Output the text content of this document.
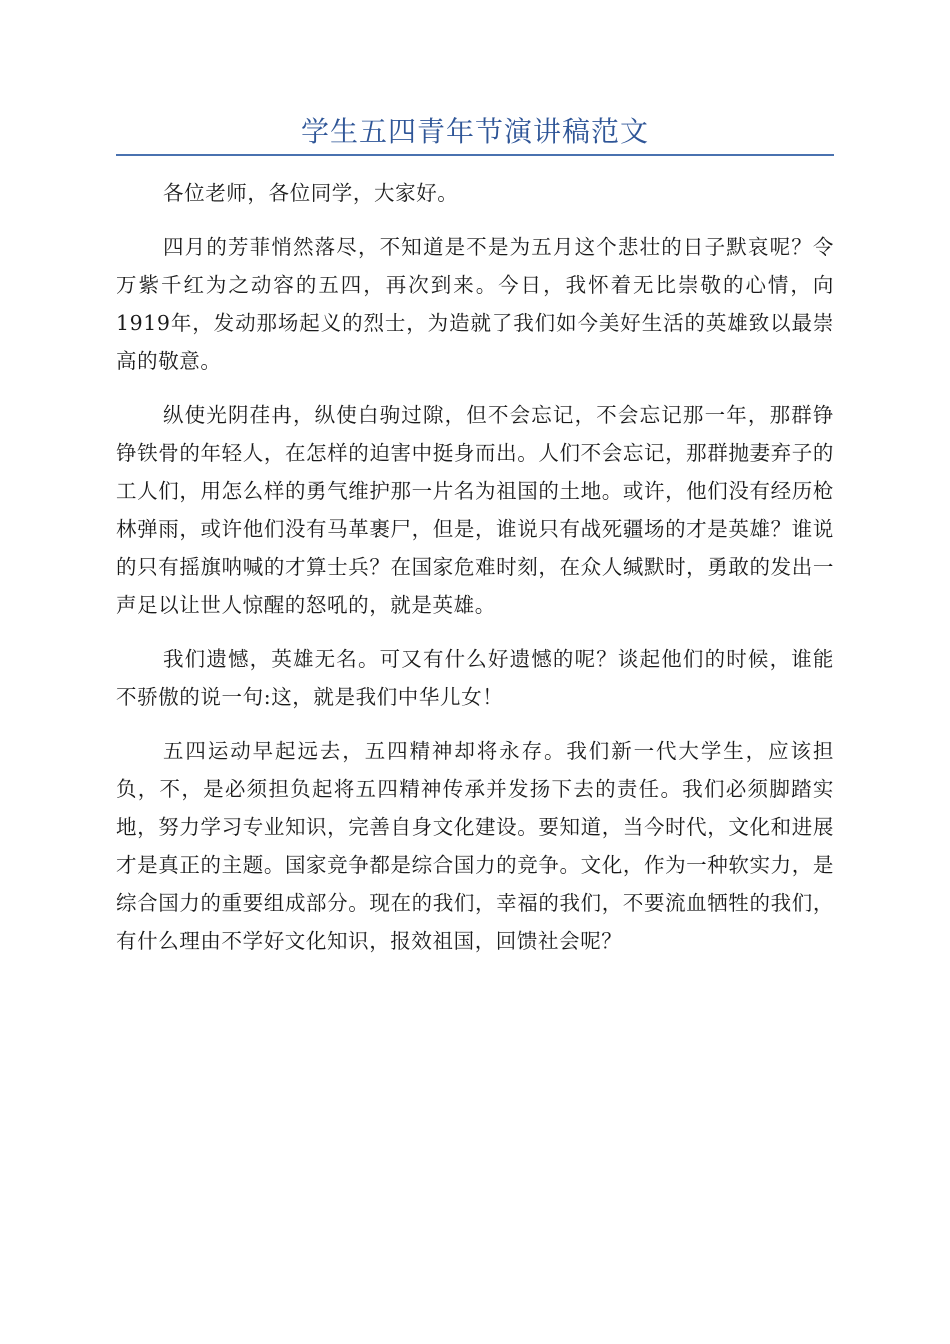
学生五四青年节演讲稿范文

各位老师，各位同学，大家好。

四月的芳菲悄然落尽，不知道是不是为五月这个悲壮的日子默哀呢？令万紫千红为之动容的五四，再次到来。今日，我怀着无比崇敬的心情，向1919年，发动那场起义的烈士，为造就了我们如今美好生活的英雄致以最崇高的敬意。

纵使光阴荏冉，纵使白驹过隙，但不会忘记，不会忘记那一年，那群铮铮铁骨的年轻人，在怎样的迫害中挺身而出。人们不会忘记，那群抛妻弃子的工人们，用怎么样的勇气维护那一片名为祖国的土地。或许，他们没有经历枪林弹雨，或许他们没有马革裹尸，但是，谁说只有战死疆场的才是英雄？谁说的只有摇旗呐喊的才算士兵？在国家危难时刻，在众人缄默时，勇敢的发出一声足以让世人惊醒的怒吼的，就是英雄。

我们遗憾，英雄无名。可又有什么好遗憾的呢？谈起他们的时候，谁能不骄傲的说一句:这，就是我们中华儿女！

五四运动早起远去，五四精神却将永存。我们新一代大学生，应该担负，不，是必须担负起将五四精神传承并发扬下去的责任。我们必须脚踏实地，努力学习专业知识，完善自身文化建设。要知道，当今时代，文化和进展才是真正的主题。国家竞争都是综合国力的竞争。文化，作为一种软实力，是综合国力的重要组成部分。现在的我们，幸福的我们，不要流血牺牲的我们，有什么理由不学好文化知识，报效祖国，回馈社会呢？
